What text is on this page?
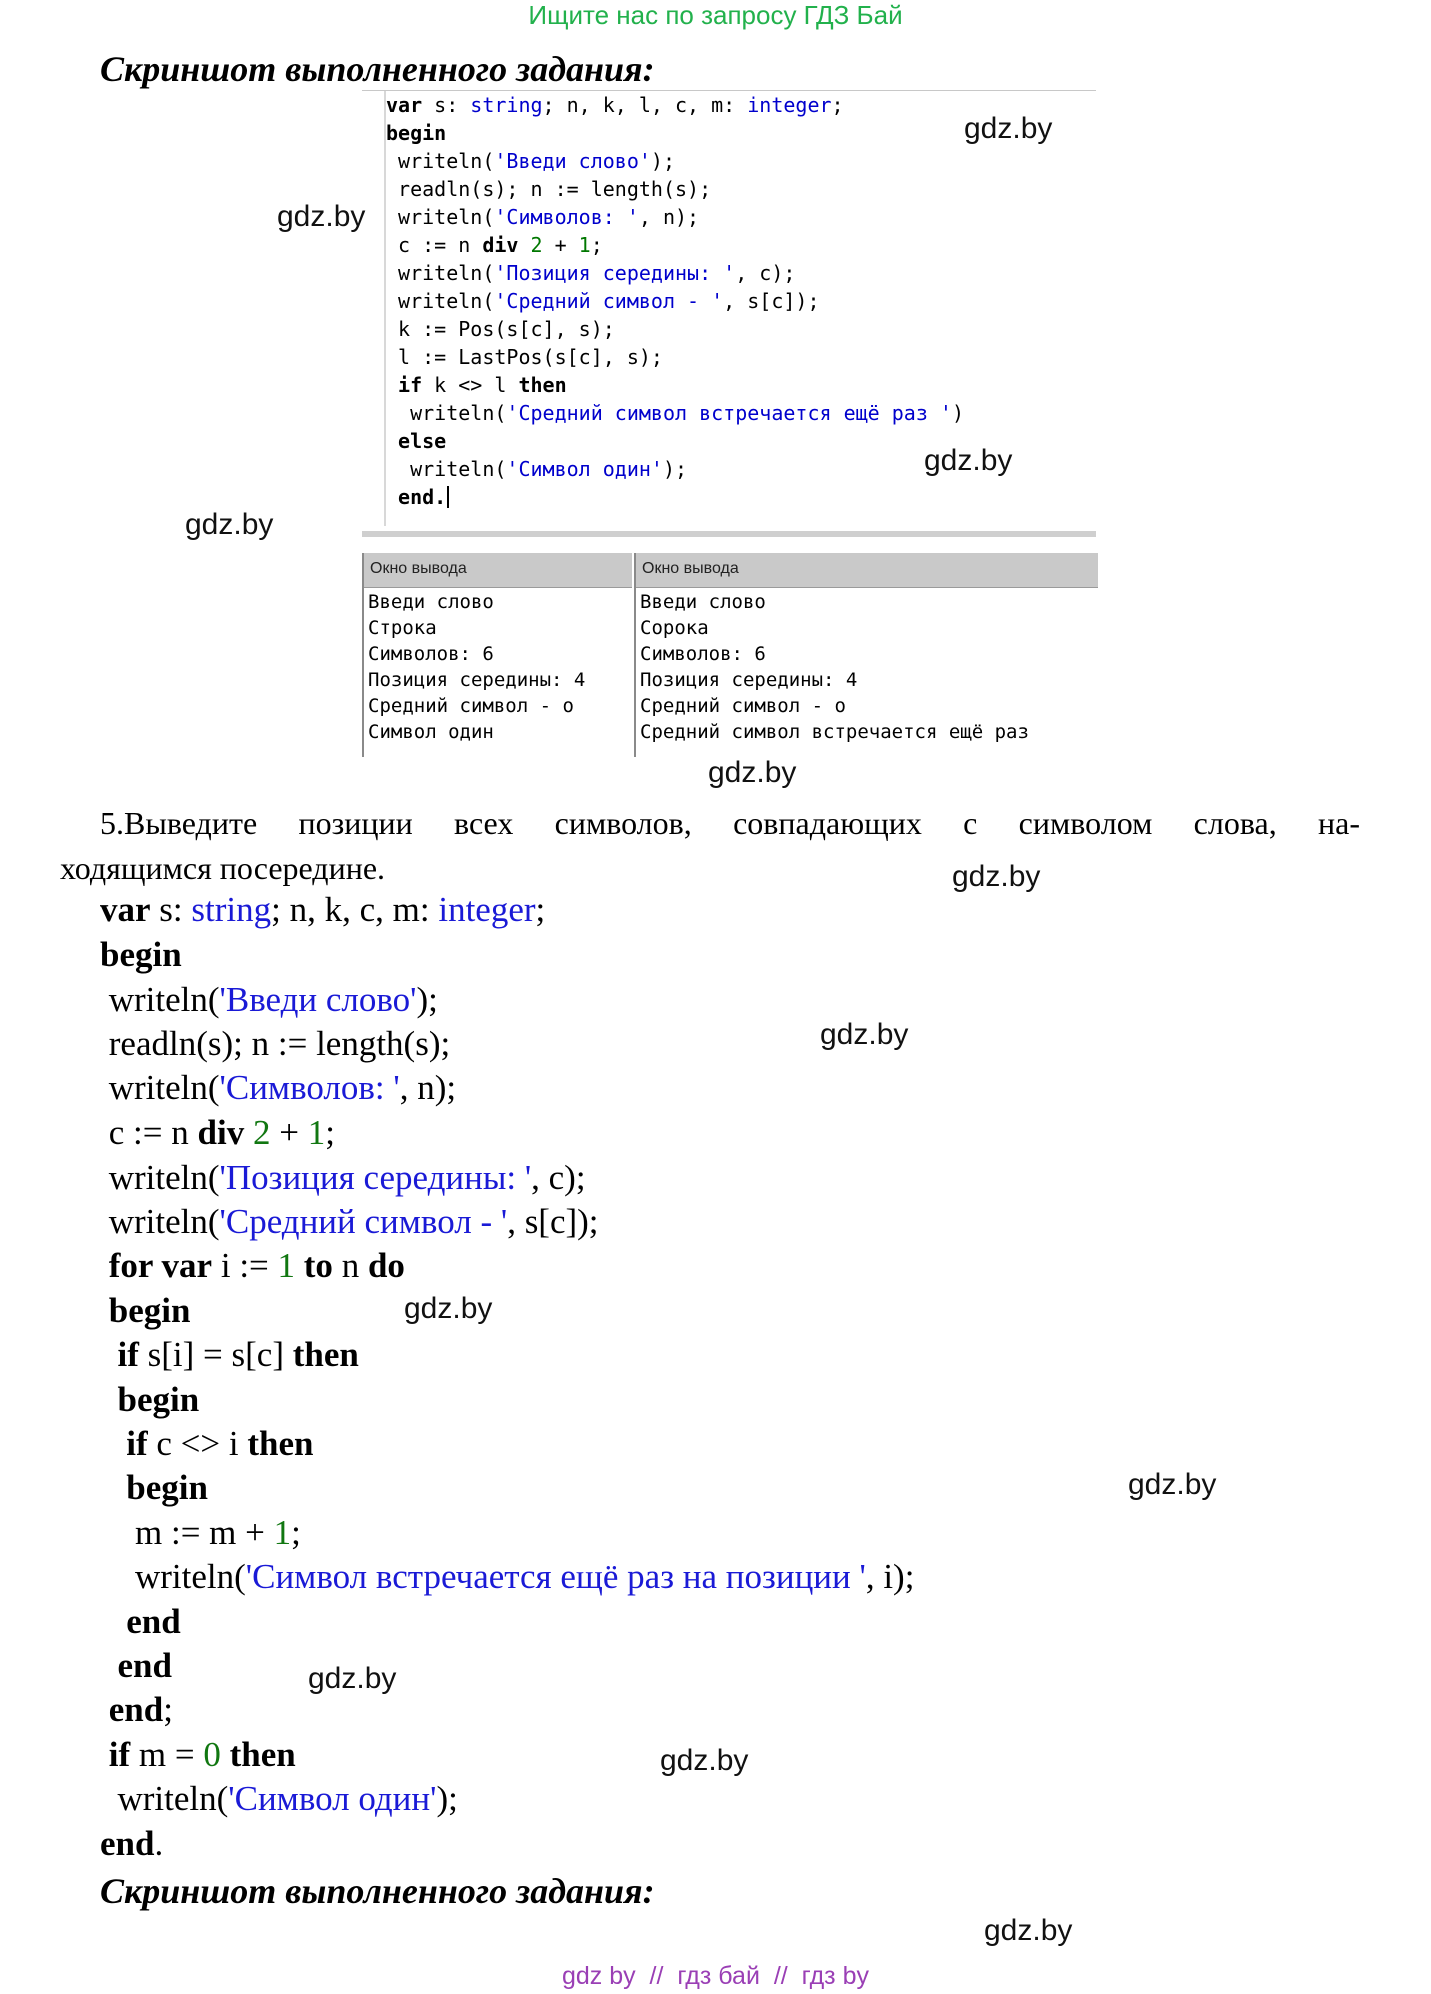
Ищите нас по запросу ГДЗ Бай
Скриншот выполненного задания:
var s: string; n, k, l, c, m: integer;
begin
writeln('Введи слово');
readln(s); n := length(s);
writeln('Символов: ', n);
c := n div 2 + 1;
writeln('Позиция середины: ', c);
writeln('Средний символ - ', s[c]);
k := Pos(s[c], s);
l := LastPos(s[c], s);
if k <> l then
writeln('Средний символ встречается ещё раз ')
else
writeln('Символ один');
end.
Окно вывода
Введи слово
Строка
Символов: 6
Позиция середины: 4
Средний символ - о
Символ один
Окно вывода
Введи слово
Сорока
Символов: 6
Позиция середины: 4
Средний символ - о
Средний символ встречается ещё раз
5.Выведите позиции всех символов, совпадающих с символом слова, на-
ходящимся посередине.
var s: string; n, k, c, m: integer;
begin
writeln('Введи слово');
readln(s); n := length(s);
writeln('Символов: ', n);
c := n div 2 + 1;
writeln('Позиция середины: ', c);
writeln('Средний символ - ', s[c]);
for var i := 1 to n do
begin
if s[i] = s[c] then
begin
if c <> i then
begin
m := m + 1;
writeln('Символ встречается ещё раз на позиции ', i);
end
end
end;
if m = 0 then
writeln('Символ один');
end.
Скриншот выполненного задания:
gdz.by
gdz.by
gdz.by
gdz.by
gdz.by
gdz.by
gdz.by
gdz.by
gdz.by
gdz.by
gdz.by
gdz.by
gdz by  //  гдз бай  //  гдз by
